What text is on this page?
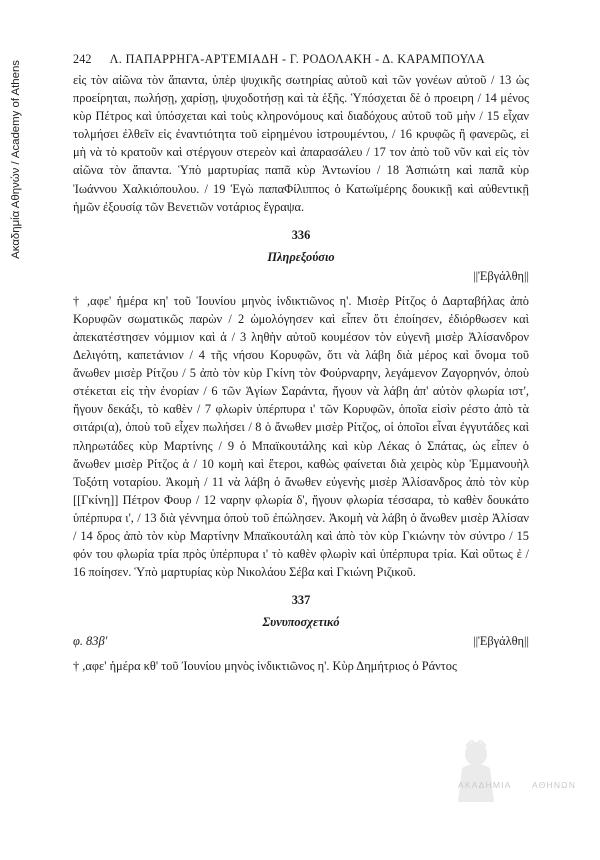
Ακαδημία Αθηνών / Academy of Athens
242 Λ. ΠΑΠΑΡΡΗΓΑ-ΑΡΤΕΜΙΑΔΗ - Γ. ΡΟΔΟΛΑΚΗ - Δ. ΚΑΡΑΜΠΟΥΛΑ

εἰς τὸν αἰῶνα τὸν ἅπαντα, ὑπὲρ ψυχικῆς σωτηρίας αὐτοῦ καὶ τῶν γονέων αὐτοῦ / 13 ὡς προείρηται, πωλήσῃ, χαρίσῃ, ψυχοδοτήσῃ καὶ τὰ ἑξῆς. Ὑπόσχεται δὲ ὁ προειρη / 14 μένος κὺρ Πέτρος καὶ ὑπόσχεται καὶ τοὺς κληρονόμους καὶ διαδόχους αὐτοῦ τοῦ μὴν / 15 εἶχαν τολμήσει ἐλθεῖν εἰς ἐναντιότητα τοῦ εἰρημένου ἰστρουμέντου, / 16 κρυφῶς ἢ φανερῶς, εἰ μὴ νὰ τὸ κρατοῦν καὶ στέργουν στερεὸν καὶ ἀπαρασάλευ / 17 τον ἀπὸ τοῦ νῦν καὶ εἰς τὸν αἰῶνα τὸν ἅπαντα. Ὑπὸ μαρτυρίας παπᾶ κὺρ Ἀντωνίου / 18 Ἀσπιώτη καὶ παπᾶ κὺρ Ἰωάννου Χαλκιόπουλου. / 19 Ἐγὼ παπαΦίλιππος ὁ Κατωϊμέρης δουκικῇ καὶ αὐθεντικῇ ἡμῶν ἐξουσίᾳ τῶν Βενετιῶν νοτάριος ἔγραψα.

336
Πληρεξούσιο
||Ἐβγάλθη||

† ,αφε' ἡμέρα κη' τοῦ Ἰουνίου μηνὸς ἰνδικτιῶνος η'. Μισὲρ Ρίτζος ὁ Δαρταβήλας ἀπὸ Κορυφῶν σωματικῶς παρὼν / 2 ὡμολόγησεν καὶ εἶπεν ὅτι ἐποίησεν, ἐδιόρθωσεν καὶ ἀπεκατέστησεν νόμμιον καὶ ἀ / 3 ληθὴν αὐτοῦ κουμέσον τὸν εὐγενῆ μισὲρ Ἀλίσανδρον Δελιγότη, καπετάνιον / 4 τῆς νήσου Κορυφῶν, ὅτι νὰ λάβη διὰ μέρος καὶ ὄνομα τοῦ ἄνωθεν μισὲρ Ρίτζου / 5 ἀπὸ τὸν κὺρ Γκίνη τὸν Φούρναρην, λεγάμενον Ζαγορηνόν, ὁποὺ στέκεται εἰς τὴν ἐνορίαν / 6 τῶν Ἁγίων Σαράντα, ἤγουν νὰ λάβη ἀπ' αὐτὸν φλωρία ιστ', ἤγουν δεκάξι, τὸ καθὲν / 7 φλωρὶν ὑπέρπυρα ι' τῶν Κορυφῶν, ὁποῖα εἰσὶν ρέστο ἀπὸ τὰ σιτάρι(α), ὁποὺ τοῦ εἶχεν πωλήσει / 8 ὁ ἄνωθεν μισὲρ Ρίτζος, οἱ ὁποῖοι εἶναι ἐγγυτάδες καὶ πληρωτάδες κὺρ Μαρτίνης / 9 ὁ Μπαϊκουτάλης καὶ κὺρ Λέκας ὁ Σπάτας, ὡς εἶπεν ὁ ἄνωθεν μισὲρ Ρίτζος ἀ / 10 κομὴ καὶ ἕτεροι, καθὼς φαίνεται διὰ χειρὸς κὺρ Ἐμμανουὴλ Τοξότη νοταρίου. Ἀκομὴ / 11 νὰ λάβη ὁ ἄνωθεν εὐγενὴς μισὲρ Ἀλίσανδρος ἀπὸ τὸν κὺρ [[Γκίνη]] Πέτρον Φουρ / 12 ναρην φλωρία δ', ἤγουν φλωρία τέσσαρα, τὸ καθὲν δουκάτο ὑπέρπυρα ι', / 13 διὰ γέννημα ὁποὺ τοῦ ἐπώλησεν. Ἀκομὴ νὰ λάβη ὁ ἄνωθεν μισὲρ Ἀλίσαν / 14 δρος ἀπὸ τὸν κὺρ Μαρτίνην Μπαϊκουτάλη καὶ ἀπὸ τὸν κὺρ Γκιώνην τὸν σύντρο / 15 φόν του φλωρία τρία πρὸς ὑπέρπυρα ι' τὸ καθὲν φλωρὶν καὶ ὑπέρπυρα τρία. Καὶ οὕτως ἐ / 16 ποίησεν. Ὑπὸ μαρτυρίας κὺρ Νικολάου Σέβα καὶ Γκιώνη Ριζικοῦ.

337
Συνυποσχετικό
φ. 83β'	||Ἐβγάλθη||

† ,αφε' ἡμέρα κθ' τοῦ Ἰουνίου μηνὸς ἰνδικτιῶνος η'. Κὺρ Δημήτριος ὁ Ράντος

ΑΚΑΔΗΜΙΑ ΑΘΗΝΩΝ
